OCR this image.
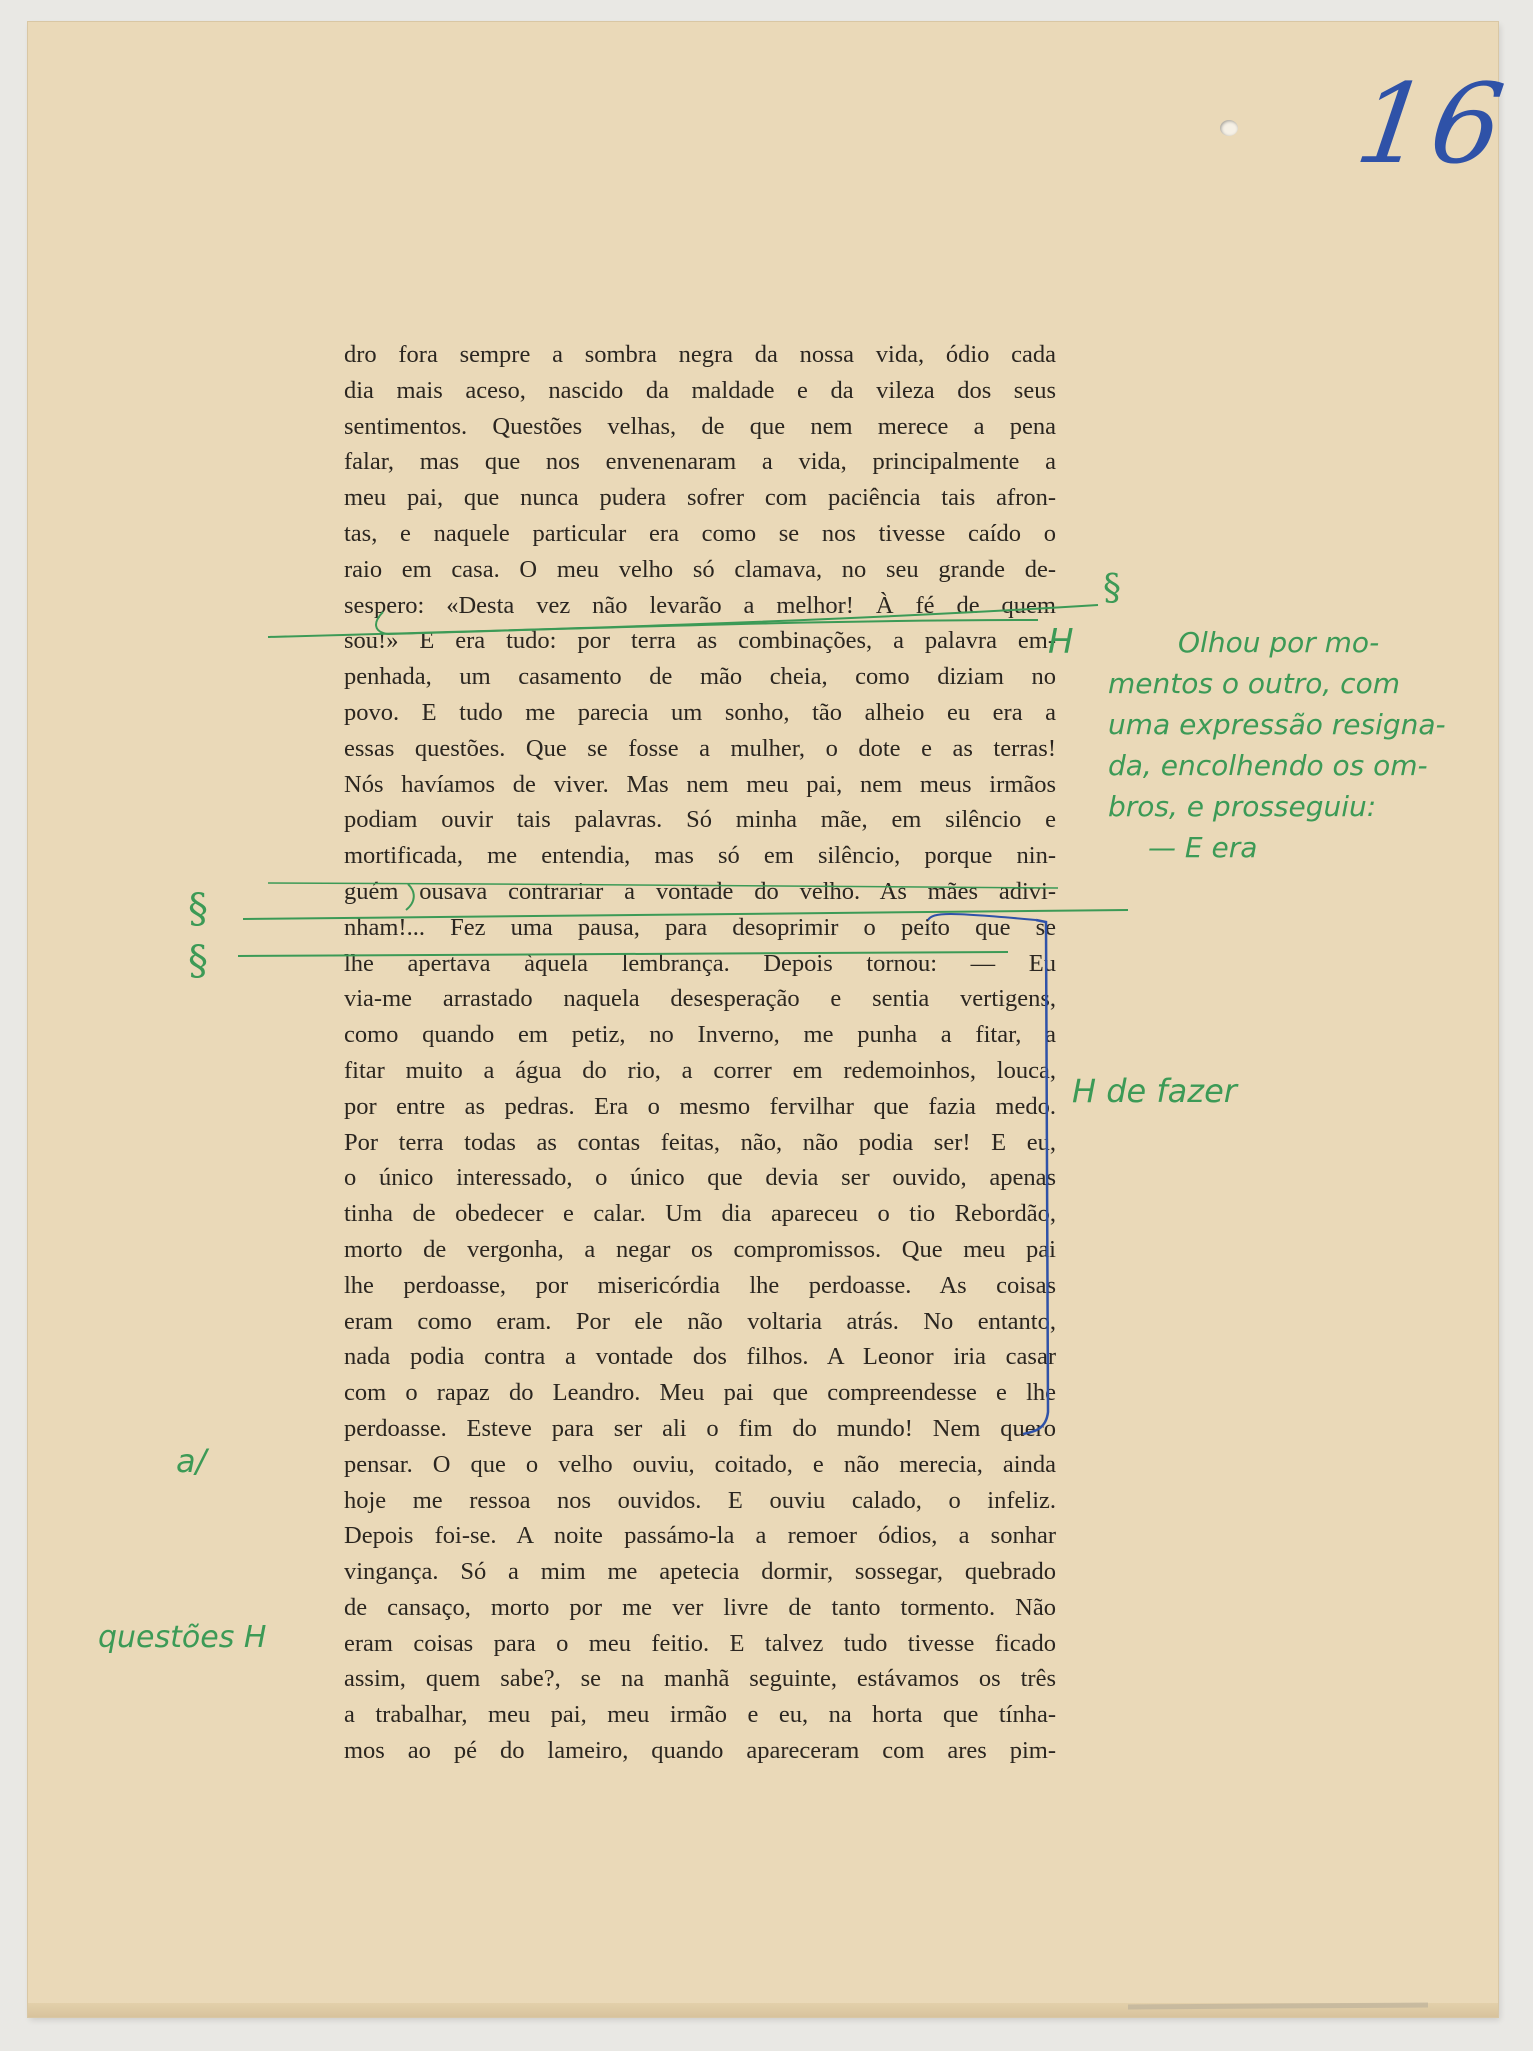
16
dro fora sempre a sombra negra da nossa vida, ódio cada
dia mais aceso, nascido da maldade e da vileza dos seus
sentimentos. Questões velhas, de que nem merece a pena
falar, mas que nos envenenaram a vida, principalmente a
meu pai, que nunca pudera sofrer com paciência tais afron-
tas, e naquele particular era como se nos tivesse caído o
raio em casa. O meu velho só clamava, no seu grande de-
sespero: «Desta vez não levarão a melhor! À fé de quem
sou!» E era tudo: por terra as combinações, a palavra em-
penhada, um casamento de mão cheia, como diziam no
povo. E tudo me parecia um sonho, tão alheio eu era a
essas questões. Que se fosse a mulher, o dote e as terras!
Nós havíamos de viver. Mas nem meu pai, nem meus irmãos
podiam ouvir tais palavras. Só minha mãe, em silêncio e
mortificada, me entendia, mas só em silêncio, porque nin-
guém ousava contrariar a vontade do velho. As mães adivi-
nham!... Fez uma pausa, para desoprimir o peito que se
lhe apertava àquela lembrança. Depois tornou: — Eu
via-me arrastado naquela desesperação e sentia vertigens,
como quando em petiz, no Inverno, me punha a fitar, a
fitar muito a água do rio, a correr em redemoinhos, louca,
por entre as pedras. Era o mesmo fervilhar que fazia medo.
Por terra todas as contas feitas, não, não podia ser! E eu,
o único interessado, o único que devia ser ouvido, apenas
tinha de obedecer e calar. Um dia apareceu o tio Rebordão,
morto de vergonha, a negar os compromissos. Que meu pai
lhe perdoasse, por misericórdia lhe perdoasse. As coisas
eram como eram. Por ele não voltaria atrás. No entanto,
nada podia contra a vontade dos filhos. A Leonor iria casar
com o rapaz do Leandro. Meu pai que compreendesse e lhe
perdoasse. Esteve para ser ali o fim do mundo! Nem quero
pensar. O que o velho ouviu, coitado, e não merecia, ainda
hoje me ressoa nos ouvidos. E ouviu calado, o infeliz.
Depois foi-se. A noite passámo-la a remoer ódios, a sonhar
vingança. Só a mim me apetecia dormir, sossegar, quebrado
de cansaço, morto por me ver livre de tanto tormento. Não
eram coisas para o meu feitio. E talvez tudo tivesse ficado
assim, quem sabe?, se na manhã seguinte, estávamos os três
a trabalhar, meu pai, meu irmão e eu, na horta que tínha-
mos ao pé do lameiro, quando apareceram com ares pim-
Olhou por mo-
mentos o outro, com
uma expressão resigna-
da, encolhendo os om-
bros, e prosseguiu:
— E era
H de fazer
a/
questões H
H
§
§
§
